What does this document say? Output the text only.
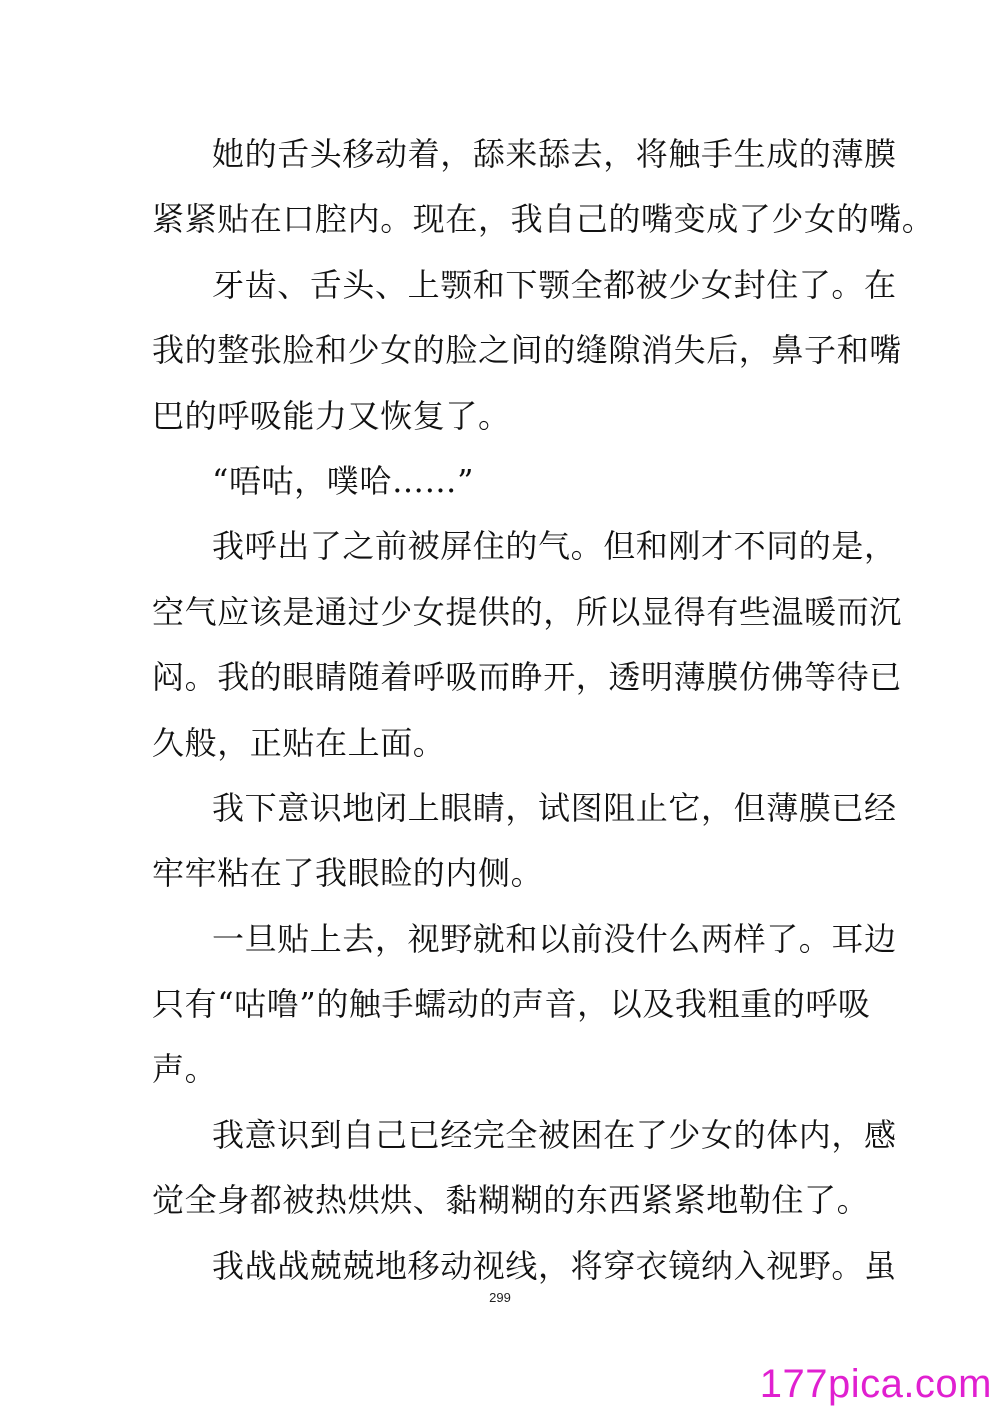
她的舌头移动着，舔来舔去，将触手生成的薄膜
紧紧贴在口腔内。现在，我自己的嘴变成了少女的嘴。
牙齿、舌头、上颚和下颚全都被少女封住了。在
我的整张脸和少女的脸之间的缝隙消失后，鼻子和嘴
巴的呼吸能力又恢复了。
“唔咕，噗哈……”
我呼出了之前被屏住的气。但和刚才不同的是，
空气应该是通过少女提供的，所以显得有些温暖而沉
闷。我的眼睛随着呼吸而睁开，透明薄膜仿佛等待已
久般，正贴在上面。
我下意识地闭上眼睛，试图阻止它，但薄膜已经
牢牢粘在了我眼睑的内侧。
一旦贴上去，视野就和以前没什么两样了。耳边
只有“咕噜”的触手蠕动的声音，以及我粗重的呼吸
声。
我意识到自己已经完全被困在了少女的体内，感
觉全身都被热烘烘、黏糊糊的东西紧紧地勒住了。
我战战兢兢地移动视线，将穿衣镜纳入视野。虽
299
177pica.com
